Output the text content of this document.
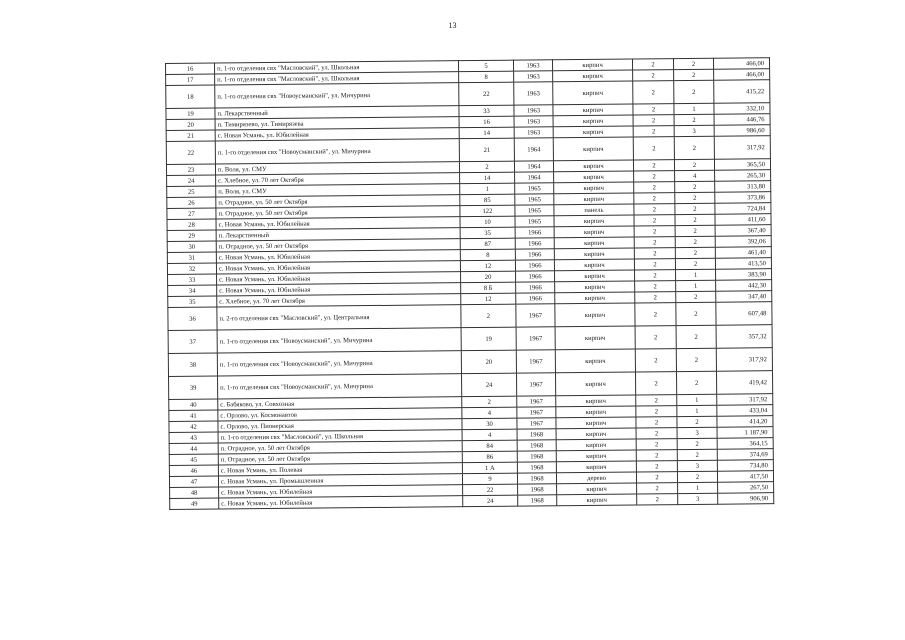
13
16	п. 1-го отделения свх "Масловский", ул. Школьная	5	1963	кирпич	2	2	466,00
17	п. 1-го отделения свх "Масловский", ул. Школьная	8	1963	кирпич	2	2	466,00
18	п. 1-го отделения свх "Новоусманский", ул. Мичурина	22	1963	кирпич	2	2	415,22
19	п. Лекарственный	33	1963	кирпич	2	1	332,10
20	п. Тимирязево, ул. Тимирязева	16	1963	кирпич	2	2	446,76
21	с. Новая Усмань, ул. Юбилейная	14	1963	кирпич	2	3	986,60
22	п. 1-го отделения свх "Новоусманский", ул. Мичурина	21	1964	кирпич	2	2	317,92
23	п. Воля, ул. СМУ	2	1964	кирпич	2	2	365,50
24	с. Хлебное, ул. 70 лет Октября	14	1964	кирпич	2	4	265,30
25	п. Воля, ул. СМУ	1	1965	кирпич	2	2	313,80
26	п. Отрадное, ул. 50 лет Октября	85	1965	кирпич	2	2	373,86
27	п. Отрадное, ул. 50 лет Октября	122	1965	панель	2	2	724,84
28	с. Новая Усмань, ул. Юбилейная	10	1965	кирпич	2	2	411,60
29	п. Лекарственный	35	1966	кирпич	2	2	367,40
30	п. Отрадное, ул. 50 лет Октября	87	1966	кирпич	2	2	392,06
31	с. Новая Усмань, ул. Юбилейная	8	1966	кирпич	2	2	461,40
32	с. Новая Усмань, ул. Юбилейная	12	1966	кирпич	2	2	413,50
33	с. Новая Усмань, ул. Юбилейная	20	1966	кирпич	2	1	383,90
34	с. Новая Усмань, ул. Юбилейная	8 Б	1966	кирпич	2	1	442,30
35	с. Хлебное, ул. 70 лет Октября	12	1966	кирпич	2	2	347,40
36	п. 2-го отделения свх "Масловский", ул. Центральная	2	1967	кирпич	2	2	607,48
37	п. 1-го отделения свх "Новоусманский", ул. Мичурина	19	1967	кирпич	2	2	357,32
38	п. 1-го отделения свх "Новоусманский", ул. Мичурина	20	1967	кирпич	2	2	317,92
39	п. 1-го отделения свх "Новоусманский", ул. Мичурина	24	1967	кирпич	2	2	419,42
40	с. Бабяково, ул. Совхозная	2	1967	кирпич	2	1	317,92
41	с. Орлово, ул. Космонавтов	4	1967	кирпич	2	1	433,04
42	с. Орлово, ул. Пионерская	30	1967	кирпич	2	2	414,20
43	п. 1-го отделения свх "Масловский", ул. Школьная	4	1968	кирпич	2	3	1 187,90
44	п. Отрадное, ул. 50 лет Октября	84	1968	кирпич	2	2	364,15
45	п. Отрадное, ул. 50 лет Октября	86	1968	кирпич	2	2	374,69
46	с. Новая Усмань, ул. Полевая	1 А	1968	кирпич	2	3	734,80
47	с. Новая Усмань, ул. Промышленная	9	1968	дерево	2	2	417,50
48	с. Новая Усмань, ул. Юбилейная	22	1968	кирпич	2	1	267,50
49	с. Новая Усмань, ул. Юбилейная	24	1968	кирпич	2	3	906,90
